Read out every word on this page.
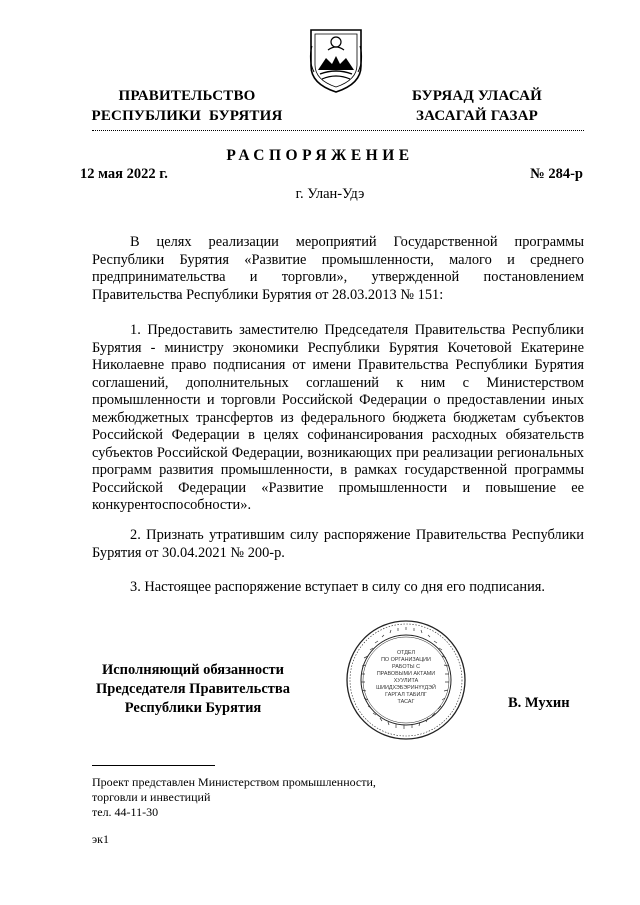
ПРАВИТЕЛЬСТВО
РЕСПУБЛИКИ  БУРЯТИЯ
БУРЯАД УЛАСАЙ
ЗАСАГАЙ ГАЗАР
РАСПОРЯЖЕНИЕ
12 мая 2022 г.	№ 284-р
г. Улан-Удэ
В целях реализации мероприятий Государственной программы Республики Бурятия «Развитие промышленности, малого и среднего предпринимательства и торговли», утвержденной постановлением Правительства Республики Бурятия от 28.03.2013 № 151:
1. Предоставить заместителю Председателя Правительства Республики Бурятия - министру экономики Республики Бурятия Кочетовой Екатерине Николаевне право подписания от имени Правительства Республики Бурятия соглашений, дополнительных соглашений к ним с Министерством промышленности и торговли Российской Федерации о предоставлении иных межбюджетных трансфертов из федерального бюджета бюджетам субъектов Российской Федерации в целях софинансирования расходных обязательств субъектов Российской Федерации, возникающих при реализации региональных программ развития промышленности, в рамках государственной программы Российской Федерации «Развитие промышленности и повышение ее конкурентоспособности».
2. Признать утратившим силу распоряжение Правительства Республики Бурятия от 30.04.2021 № 200-р.
3. Настоящее распоряжение вступает в силу со дня его подписания.
Исполняющий обязанности
Председателя Правительства
Республики Бурятия
ОТДЕЛ
ПО ОРГАНИЗАЦИИ
РАБОТЫ С
ПРАВОВЫМИ АКТАМИ
ХУУЛИТА
ШИИДХЭБЭРИНҮҮДЭЙ
ГАРГАЛ ТАБИЛГ
ТАСАГ	В. Мухин
Проект представлен Министерством промышленности,
торговли и инвестиций
тел. 44-11-30
эк1
